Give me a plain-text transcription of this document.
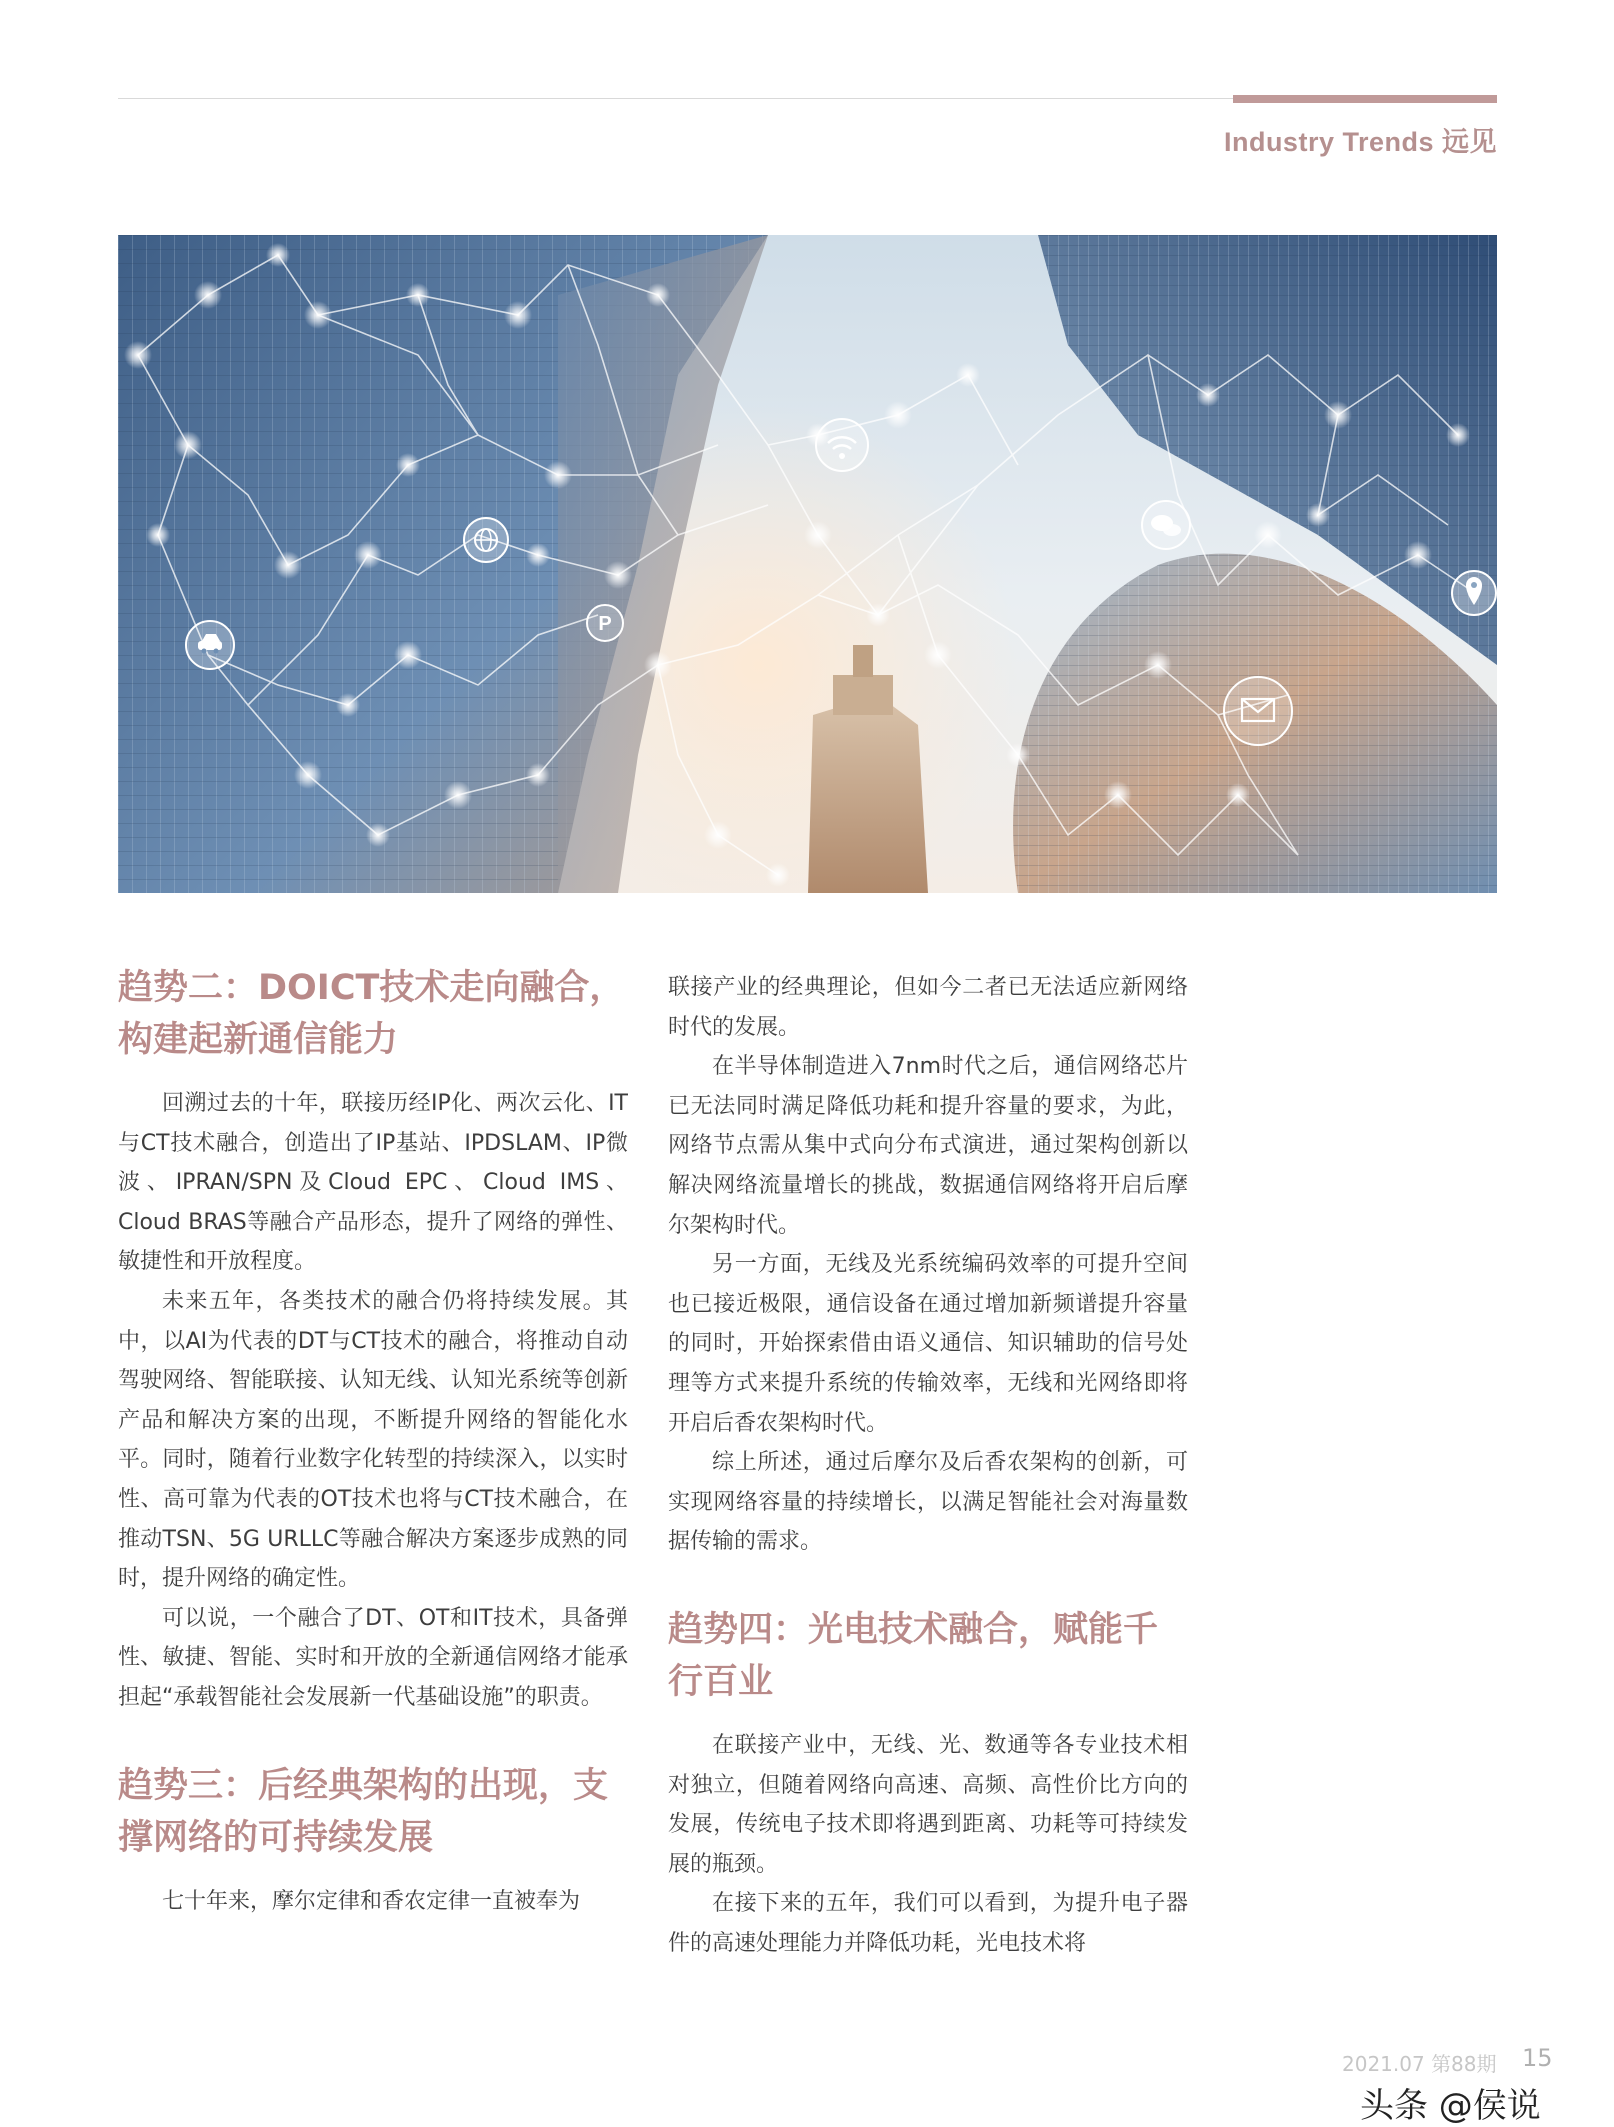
Industry Trends 远见
P
趋势二：DOICT技术走向融合，
构建起新通信能力

回溯过去的十年，联接历经IP化、两次云化、IT与CT技术融合，创造出了IP基站、IPDSLAM、IP微波、IPRAN/SPN及Cloud EPC、Cloud IMS、Cloud BRAS等融合产品形态，提升了网络的弹性、敏捷性和开放程度。

未来五年，各类技术的融合仍将持续发展。其中，以AI为代表的DT与CT技术的融合，将推动自动驾驶网络、智能联接、认知无线、认知光系统等创新产品和解决方案的出现，不断提升网络的智能化水平。同时，随着行业数字化转型的持续深入，以实时性、高可靠为代表的OT技术也将与CT技术融合，在推动TSN、5G URLLC等融合解决方案逐步成熟的同时，提升网络的确定性。

可以说，一个融合了DT、OT和IT技术，具备弹性、敏捷、智能、实时和开放的全新通信网络才能承担起“承载智能社会发展新一代基础设施”的职责。

趋势三：后经典架构的出现，支
撑网络的可持续发展

七十年来，摩尔定律和香农定律一直被奉为

联接产业的经典理论，但如今二者已无法适应新网络时代的发展。

在半导体制造进入7nm时代之后，通信网络芯片已无法同时满足降低功耗和提升容量的要求，为此，网络节点需从集中式向分布式演进，通过架构创新以解决网络流量增长的挑战，数据通信网络将开启后摩尔架构时代。

另一方面，无线及光系统编码效率的可提升空间也已接近极限，通信设备在通过增加新频谱提升容量的同时，开始探索借由语义通信、知识辅助的信号处理等方式来提升系统的传输效率，无线和光网络即将开启后香农架构时代。

综上所述，通过后摩尔及后香农架构的创新，可实现网络容量的持续增长，以满足智能社会对海量数据传输的需求。

趋势四：光电技术融合，赋能千
行百业

在联接产业中，无线、光、数通等各专业技术相对独立，但随着网络向高速、高频、高性价比方向的发展，传统电子技术即将遇到距离、功耗等可持续发展的瓶颈。

在接下来的五年，我们可以看到，为提升电子器件的高速处理能力并降低功耗，光电技术将

2021.07 第88期 15
头条 @侯说
